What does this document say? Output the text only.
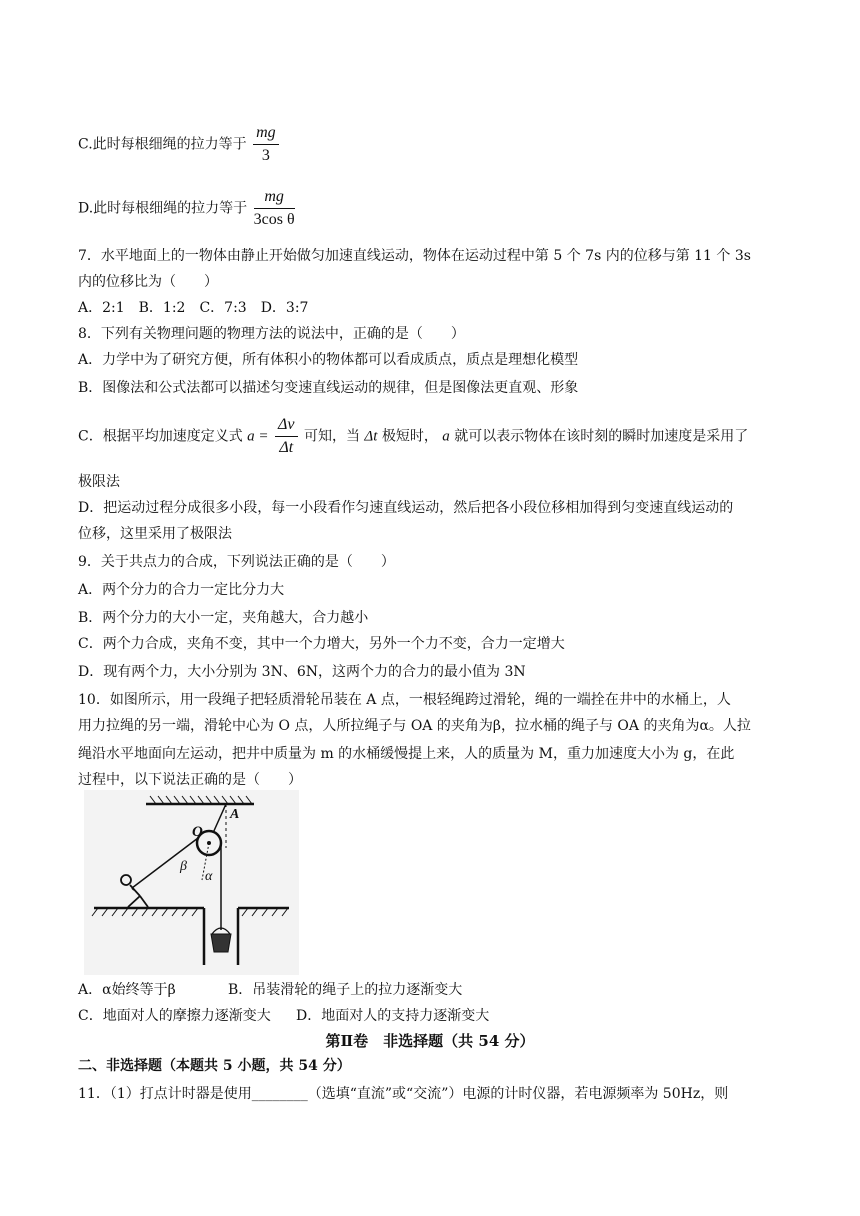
C.此时每根细绳的拉力等于 $\frac{mg}{3}$
D.此时每根细绳的拉力等于 $\frac{mg}{\text{3cos θ}}$
7．水平地面上的一物体由静止开始做匀加速直线运动，物体在运动过程中第 5 个 7s 内的位移与第 11 个 3s
内的位移比为（　　）
A．2:1　B．1:2　C．7:3　D．3:7
8．下列有关物理问题的物理方法的说法中，正确的是（　　）
A．力学中为了研究方便，所有体积小的物体都可以看成质点，质点是理想化模型
B．图像法和公式法都可以描述匀变速直线运动的规律，但是图像法更直观、形象
C．根据平均加速度定义式 $a = \frac{\Delta v}{\Delta t}$ 可知，当 Δt 极短时， a 就可以表示物体在该时刻的瞬时加速度是采用了
极限法
D．把运动过程分成很多小段，每一小段看作匀速直线运动，然后把各小段位移相加得到匀变速直线运动的
位移，这里采用了极限法
9．关于共点力的合成，下列说法正确的是（　　）
A．两个分力的合力一定比分力大
B．两个分力的大小一定，夹角越大，合力越小
C．两个力合成，夹角不变，其中一个力增大，另外一个力不变，合力一定增大
D．现有两个力，大小分别为 3N、6N，这两个力的合力的最小值为 3N
10．如图所示，用一段绳子把轻质滑轮吊装在 A 点，一根轻绳跨过滑轮，绳的一端拴在井中的水桶上，人
用力拉绳的另一端，滑轮中心为 O 点，人所拉绳子与 OA 的夹角为β，拉水桶的绳子与 OA 的夹角为α。人拉
绳沿水平地面向左运动，把井中质量为 m 的水桶缓慢提上来，人的质量为 M，重力加速度大小为 g，在此
过程中，以下说法正确的是（　　）
O
A
β
α
A．α始终等于β	B．吊装滑轮的绳子上的拉力逐渐变大
C．地面对人的摩擦力逐渐变大 D．地面对人的支持力逐渐变大
第Ⅱ卷　非选择题（共 54 分）
二、非选择题（本题共 5 小题，共 54 分）
11．（1）打点计时器是使用________（选填“直流”或“交流”）电源的计时仪器，若电源频率为 50Hz，则
